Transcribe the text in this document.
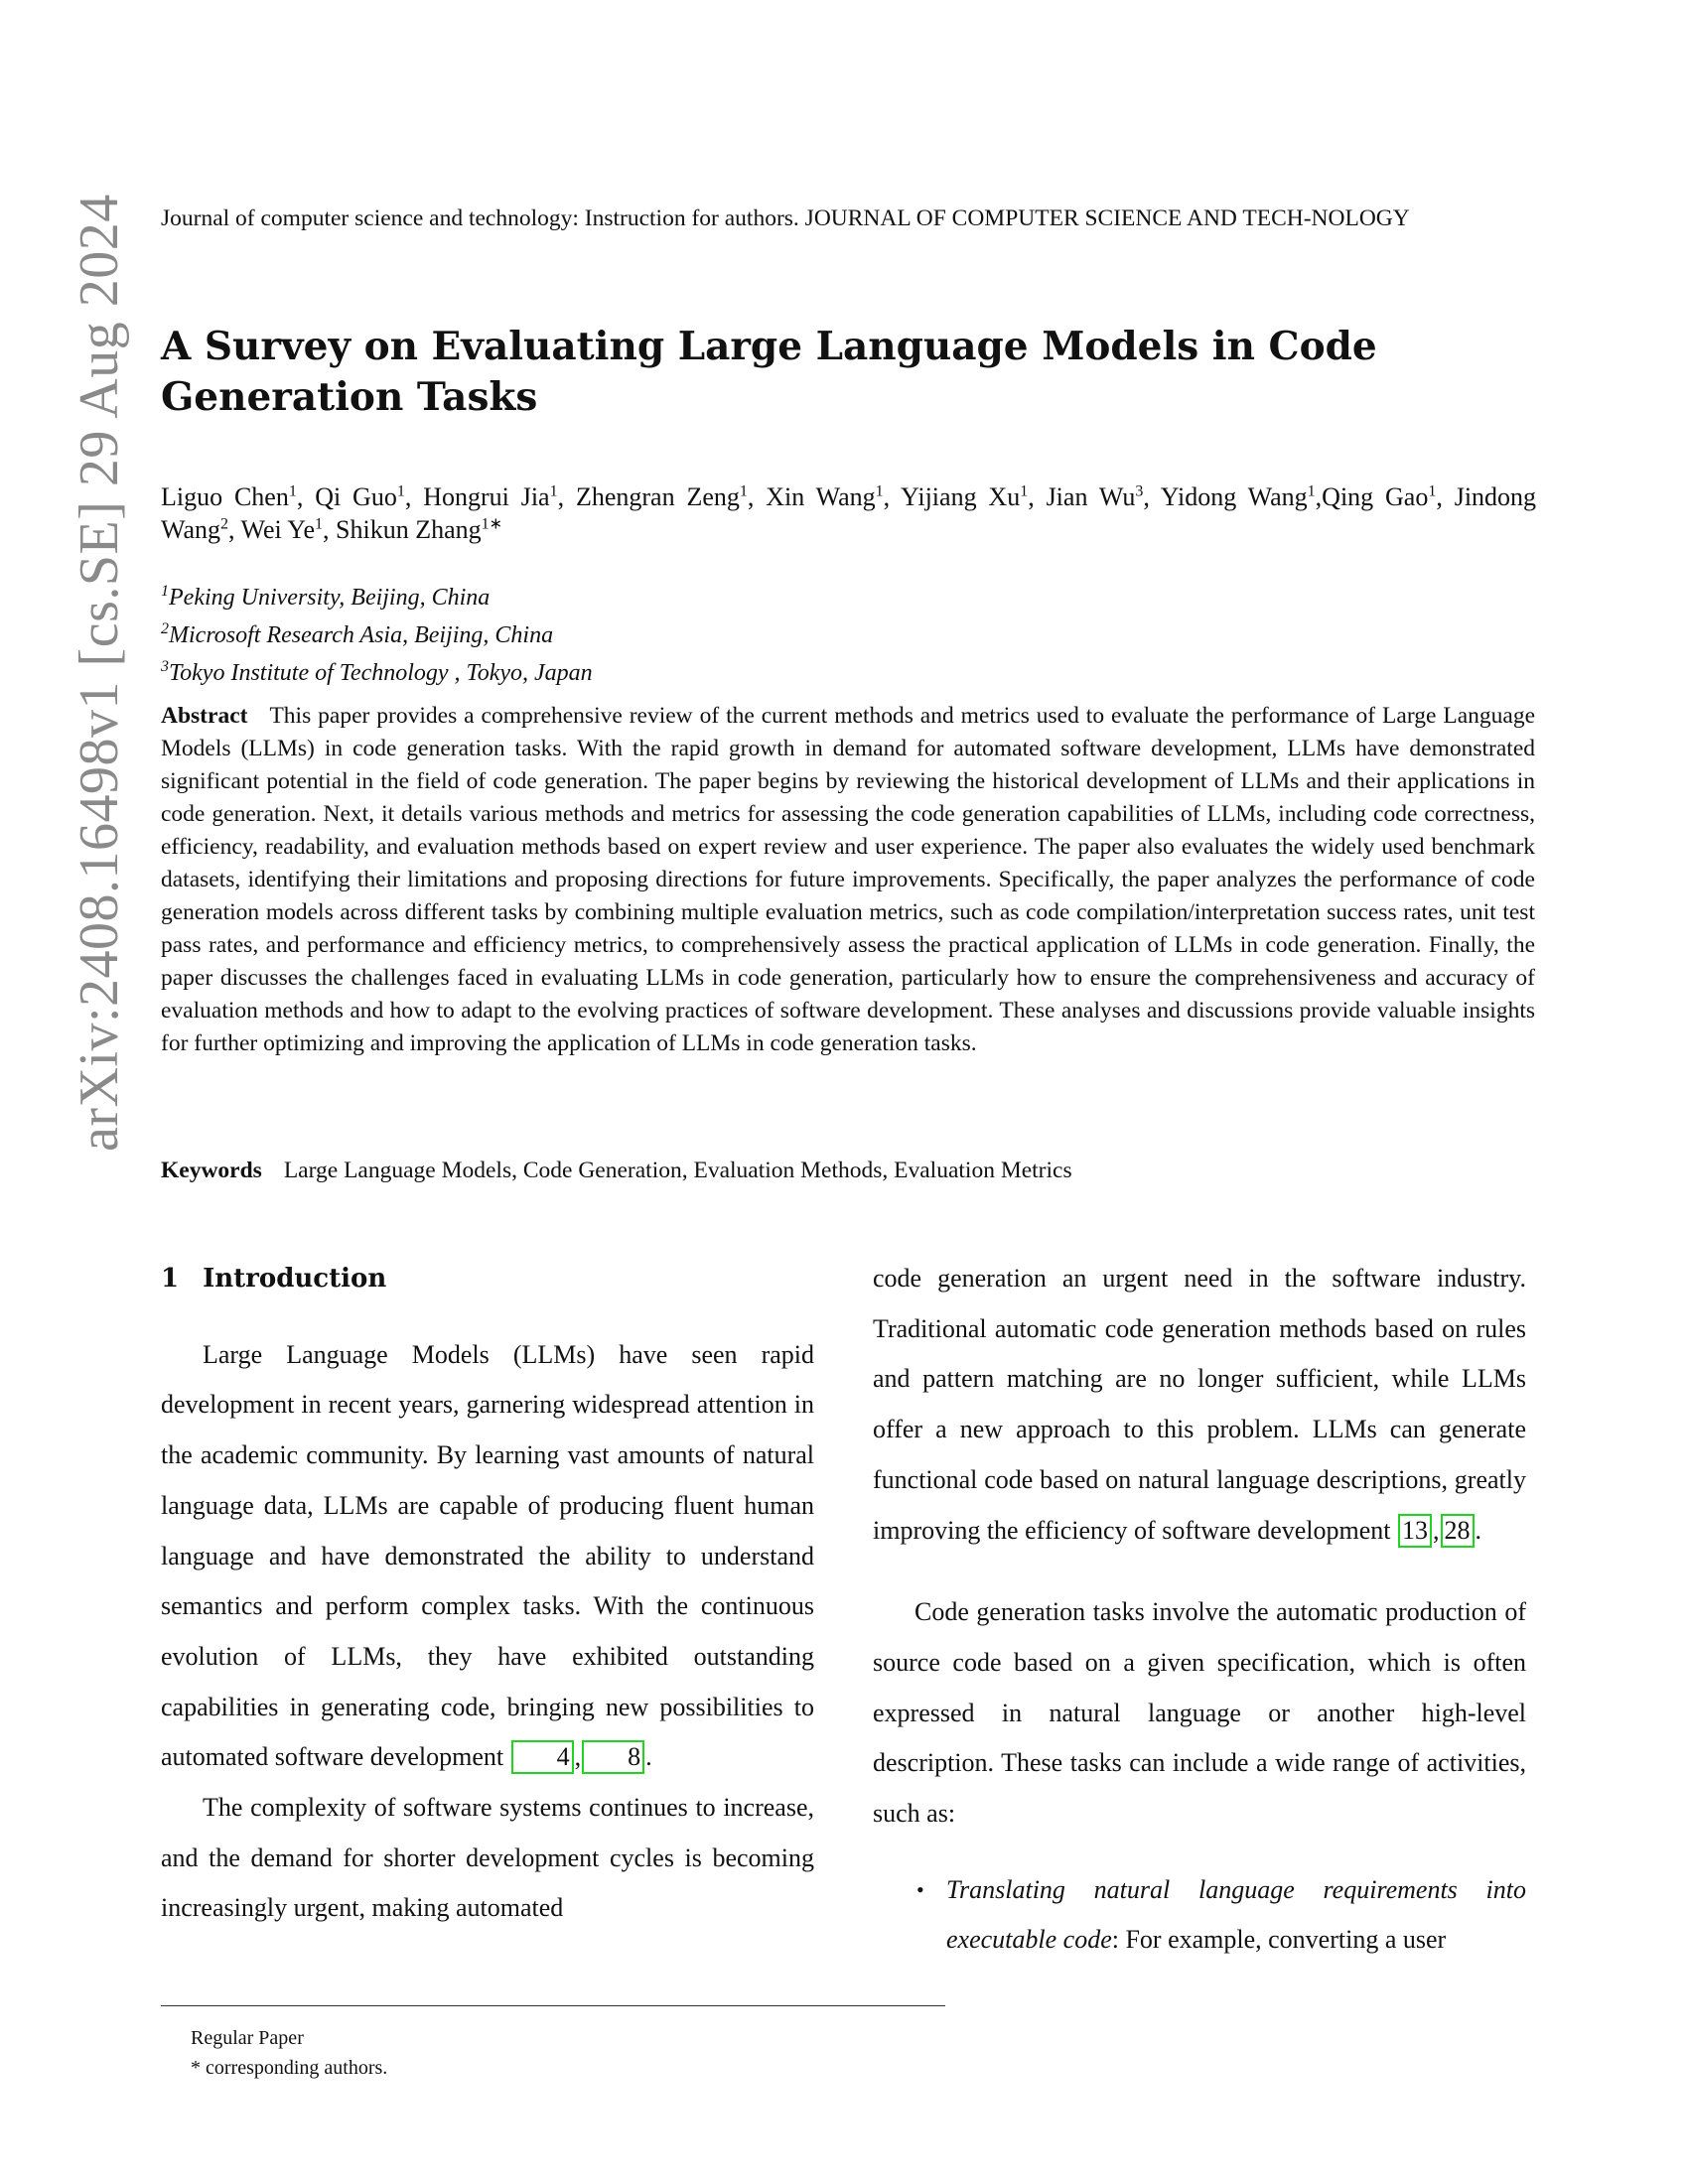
arXiv:2408.16498v1 [cs.SE] 29 Aug 2024 Journal of computer science and technology: Instruction for authors. JOURNAL OF COMPUTER SCIENCE AND TECH-NOLOGY
A Survey on Evaluating Large Language Models in Code Generation Tasks
Liguo Chen$^1$, Qi Guo$^1$, Hongrui Jia$^1$, Zhengran Zeng$^1$, Xin Wang$^1$, Yijiang Xu$^1$, Jian Wu$^3$, Yidong Wang$^1$,Qing Gao$^1$, Jindong Wang$^2$, Wei Ye$^1$, Shikun Zhang$^{1∗}$
$^1$Peking University, Beijing, China
$^2$Microsoft Research Asia, Beijing, China
$^3$Tokyo Institute of Technology , Tokyo, Japan
Abstract This paper provides a comprehensive review of the current methods and metrics used to evaluate the performance of Large Language Models (LLMs) in code generation tasks. With the rapid growth in demand for automated software development, LLMs have demonstrated significant potential in the field of code generation. The paper begins by reviewing the historical development of LLMs and their applications in code generation. Next, it details various methods and metrics for assessing the code generation capabilities of LLMs, including code correctness, efficiency, readability, and evaluation methods based on expert review and user experience. The paper also evaluates the widely used benchmark datasets, identifying their limitations and proposing directions for future improvements. Specifically, the paper analyzes the performance of code generation models across different tasks by combining multiple evaluation metrics, such as code compilation/interpretation success rates, unit test pass rates, and performance and efficiency metrics, to comprehensively assess the practical application of LLMs in code generation. Finally, the paper discusses the challenges faced in evaluating LLMs in code generation, particularly how to ensure the comprehensiveness and accuracy of evaluation methods and how to adapt to the evolving practices of software development. These analyses and discussions provide valuable insights for further optimizing and improving the application of LLMs in code generation tasks.
Keywords Large Language Models, Code Generation, Evaluation Methods, Evaluation Metrics
1 Introduction

Large Language Models (LLMs) have seen rapid development in recent years, garnering widespread attention in the academic community. By learning vast amounts of natural language data, LLMs are capable of producing fluent human language and have demonstrated the ability to understand semantics and perform complex tasks. With the continuous evolution of LLMs, they have exhibited outstanding capabilities in generating code, bringing new possibilities to automated software development 4 , 8 .

The complexity of software systems continues to increase, and the demand for shorter development cycles is becoming increasingly urgent, making automated

code generation an urgent need in the software industry. Traditional automatic code generation methods based on rules and pattern matching are no longer sufficient, while LLMs offer a new approach to this problem. LLMs can generate functional code based on natural language descriptions, greatly improving the efficiency of software development 13 , 28 .

Code generation tasks involve the automatic production of source code based on a given specification, which is often expressed in natural language or another high-level description. These tasks can include a wide range of activities, such as:

• Translating natural language requirements into executable code: For example, converting a user
Regular Paper
* corresponding authors.
